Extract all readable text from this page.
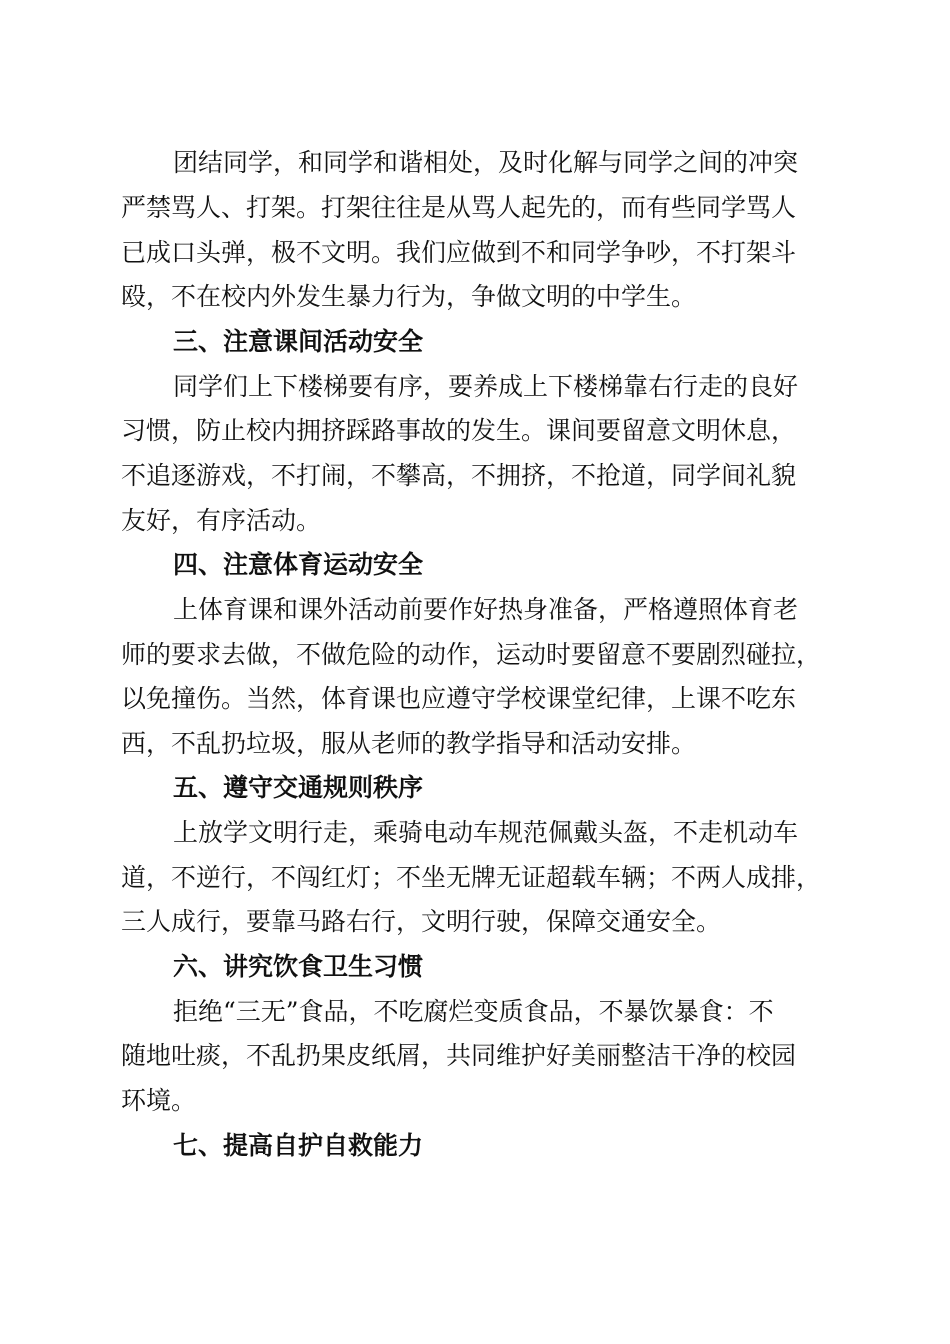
团结同学，和同学和谐相处，及时化解与同学之间的冲突
严禁骂人、打架。打架往往是从骂人起先的，而有些同学骂人
已成口头弹，极不文明。我们应做到不和同学争吵，不打架斗
殴，不在校内外发生暴力行为，争做文明的中学生。
三、注意课间活动安全
同学们上下楼梯要有序，要养成上下楼梯靠右行走的良好
习惯，防止校内拥挤踩路事故的发生。课间要留意文明休息，
不追逐游戏，不打闹，不攀高，不拥挤，不抢道，同学间礼貌
友好，有序活动。
四、注意体育运动安全
上体育课和课外活动前要作好热身准备，严格遵照体育老
师的要求去做，不做危险的动作，运动时要留意不要剧烈碰拉，
以免撞伤。当然，体育课也应遵守学校课堂纪律，上课不吃东
西，不乱扔垃圾，服从老师的教学指导和活动安排。
五、遵守交通规则秩序
上放学文明行走，乘骑电动车规范佩戴头盔，不走机动车
道，不逆行，不闯红灯；不坐无牌无证超载车辆；不两人成排，
三人成行，要靠马路右行，文明行驶，保障交通安全。
六、讲究饮食卫生习惯
拒绝“三无”食品，不吃腐烂变质食品，不暴饮暴食：不
随地吐痰，不乱扔果皮纸屑，共同维护好美丽整洁干净的校园
环境。
七、提高自护自救能力
